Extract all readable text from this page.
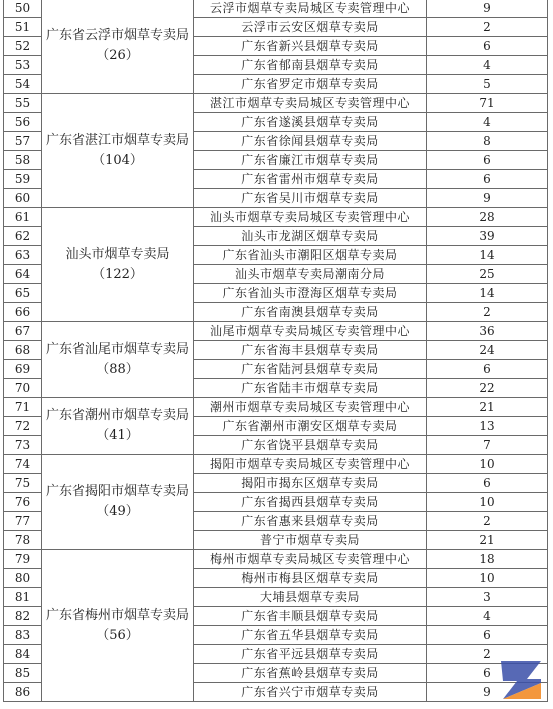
50	广东省云浮市烟草专卖局（26）	云浮市烟草专卖局城区专卖管理中心	9
51		云浮市云安区烟草专卖局	2
52		广东省新兴县烟草专卖局	6
53		广东省郁南县烟草专卖局	4
54		广东省罗定市烟草专卖局	5
55	广东省湛江市烟草专卖局（104）	湛江市烟草专卖局城区专卖管理中心	71
56		广东省遂溪县烟草专卖局	4
57		广东省徐闻县烟草专卖局	8
58		广东省廉江市烟草专卖局	6
59		广东省雷州市烟草专卖局	6
60		广东省吴川市烟草专卖局	9
61	汕头市烟草专卖局（122）	汕头市烟草专卖局城区专卖管理中心	28
62		汕头市龙湖区烟草专卖局	39
63		广东省汕头市潮阳区烟草专卖局	14
64		汕头市烟草专卖局潮南分局	25
65		广东省汕头市澄海区烟草专卖局	14
66		广东省南澳县烟草专卖局	2
67	广东省汕尾市烟草专卖局（88）	汕尾市烟草专卖局城区专卖管理中心	36
68		广东省海丰县烟草专卖局	24
69		广东省陆河县烟草专卖局	6
70		广东省陆丰市烟草专卖局	22
71	广东省潮州市烟草专卖局（41）	潮州市烟草专卖局城区专卖管理中心	21
72		广东省潮州市潮安区烟草专卖局	13
73		广东省饶平县烟草专卖局	7
74	广东省揭阳市烟草专卖局（49）	揭阳市烟草专卖局城区专卖管理中心	10
75		揭阳市揭东区烟草专卖局	6
76		广东省揭西县烟草专卖局	10
77		广东省惠来县烟草专卖局	2
78		普宁市烟草专卖局	21
79	广东省梅州市烟草专卖局（56）	梅州市烟草专卖局城区专卖管理中心	18
80		梅州市梅县区烟草专卖局	10
81		大埔县烟草专卖局	3
82		广东省丰顺县烟草专卖局	4
83		广东省五华县烟草专卖局	6
84		广东省平远县烟草专卖局	2
85		广东省蕉岭县烟草专卖局	6
86		广东省兴宁市烟草专卖局	9
